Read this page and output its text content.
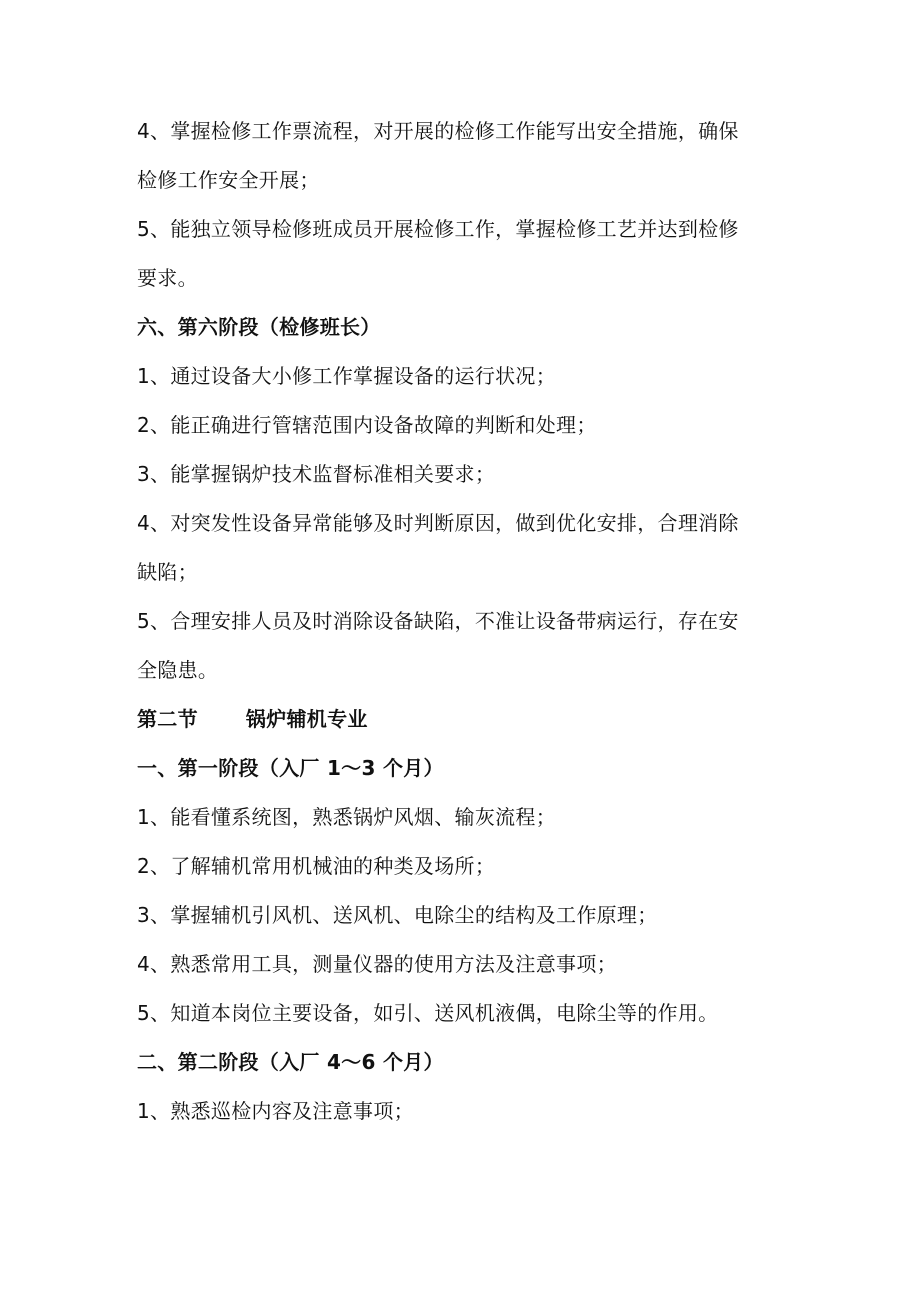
4、掌握检修工作票流程，对开展的检修工作能写出安全措施，确保
检修工作安全开展；
5、能独立领导检修班成员开展检修工作，掌握检修工艺并达到检修
要求。
六、第六阶段（检修班长）
1、通过设备大小修工作掌握设备的运行状况；
2、能正确进行管辖范围内设备故障的判断和处理；
3、能掌握锅炉技术监督标准相关要求；
4、对突发性设备异常能够及时判断原因，做到优化安排，合理消除
缺陷；
5、合理安排人员及时消除设备缺陷，不准让设备带病运行，存在安
全隐患。
第二节 锅炉辅机专业
一、第一阶段（入厂 1～3 个月）
1、能看懂系统图，熟悉锅炉风烟、输灰流程；
2、了解辅机常用机械油的种类及场所；
3、掌握辅机引风机、送风机、电除尘的结构及工作原理；
4、熟悉常用工具，测量仪器的使用方法及注意事项；
5、知道本岗位主要设备，如引、送风机液偶，电除尘等的作用。
二、第二阶段（入厂 4～6 个月）
1、熟悉巡检内容及注意事项；
